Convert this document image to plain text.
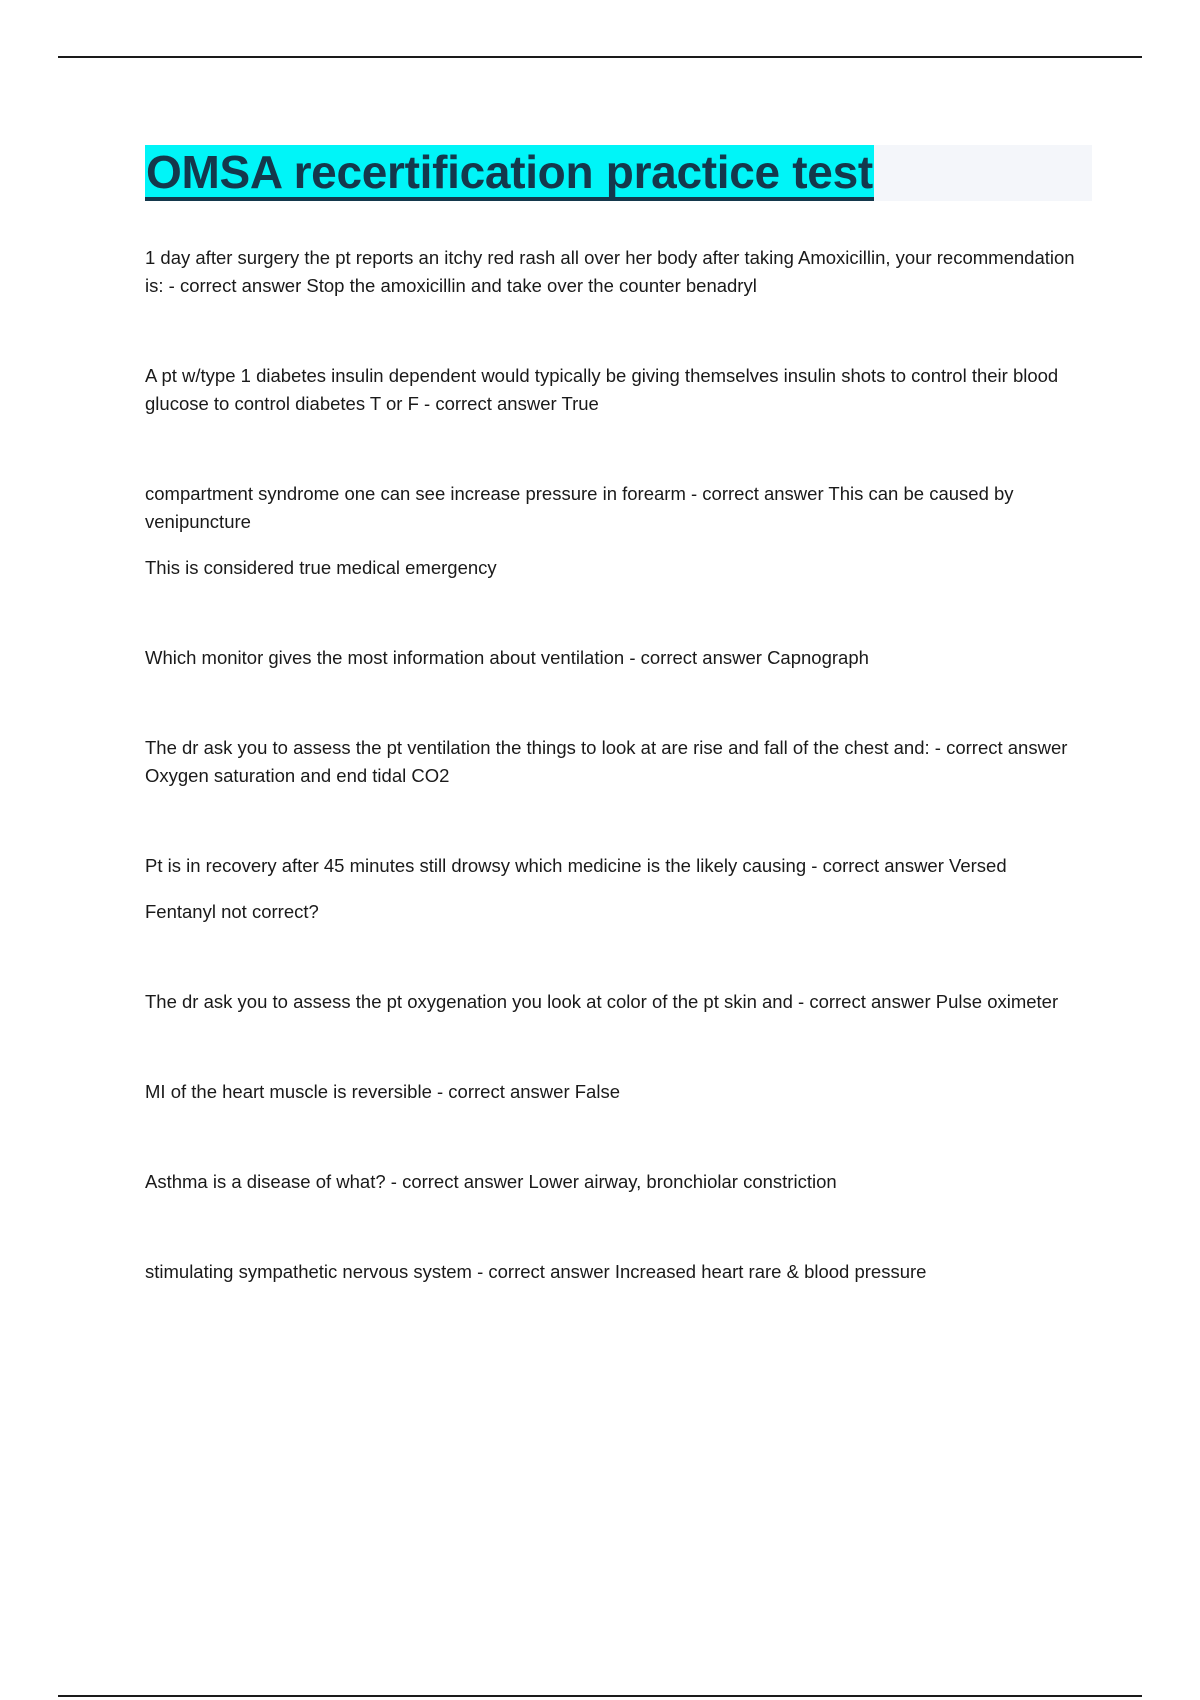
OMSA recertification practice test

1 day after surgery the pt reports an itchy red rash all over her body after taking Amoxicillin, your recommendation is: - correct answer Stop the amoxicillin and take over the counter benadryl

A pt w/type 1 diabetes insulin dependent would typically be giving themselves insulin shots to control their blood glucose to control diabetes T or F - correct answer True

compartment syndrome one can see increase pressure in forearm - correct answer This can be caused by venipuncture

This is considered true medical emergency

Which monitor gives the most information about ventilation - correct answer Capnograph

The dr ask you to assess the pt ventilation the things to look at are rise and fall of the chest and: - correct answer Oxygen saturation and end tidal CO2

Pt is in recovery after 45 minutes still drowsy which medicine is the likely causing - correct answer Versed

Fentanyl not correct?

The dr ask you to assess the pt oxygenation you look at color of the pt skin and - correct answer Pulse oximeter

MI of the heart muscle is reversible - correct answer False

Asthma is a disease of what? - correct answer Lower airway, bronchiolar constriction

stimulating sympathetic nervous system - correct answer Increased heart rare & blood pressure
